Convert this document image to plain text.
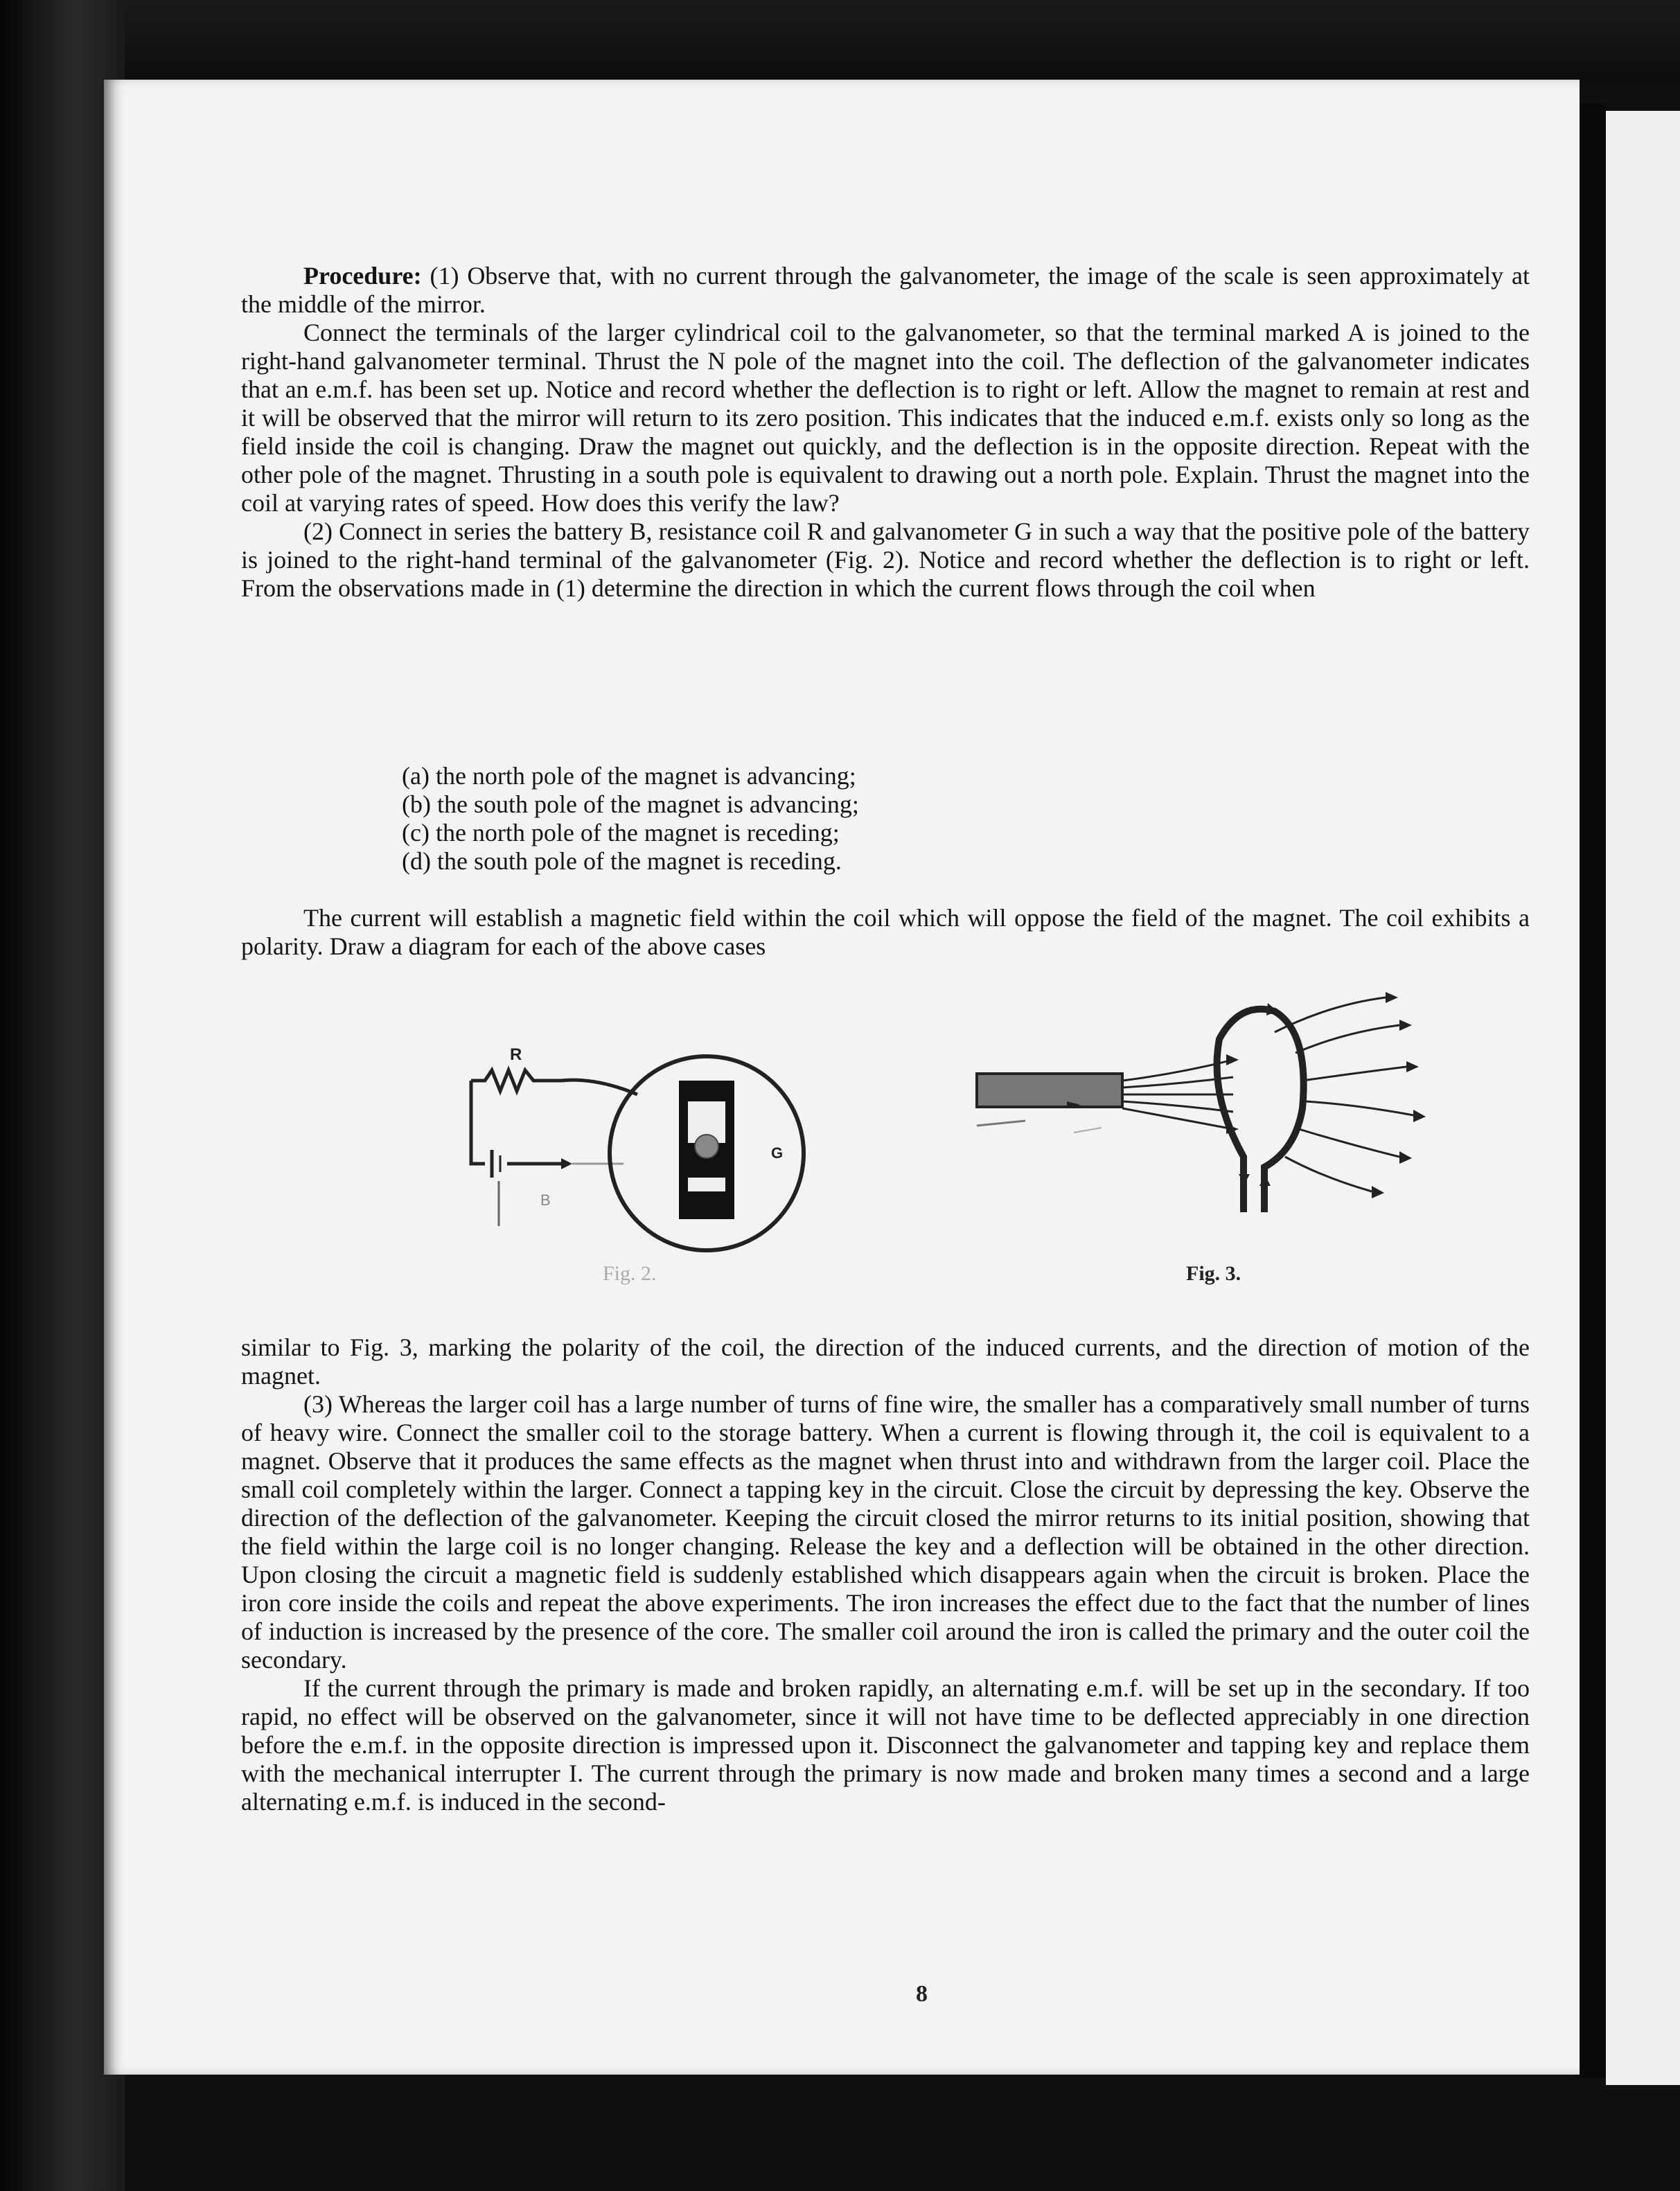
Procedure: (1) Observe that, with no current through the galvanometer, the image of the scale is seen approximately at the middle of the mirror.

Connect the terminals of the larger cylindrical coil to the galvanometer, so that the terminal marked A is joined to the right-hand galvanometer terminal. Thrust the N pole of the magnet into the coil. The deflection of the galvanometer indicates that an e.m.f. has been set up. Notice and record whether the deflection is to right or left. Allow the magnet to remain at rest and it will be observed that the mirror will return to its zero position. This indicates that the induced e.m.f. exists only so long as the field inside the coil is changing. Draw the magnet out quickly, and the deflection is in the opposite direction. Repeat with the other pole of the magnet. Thrusting in a south pole is equivalent to drawing out a north pole. Explain. Thrust the magnet into the coil at varying rates of speed. How does this verify the law?

(2) Connect in series the battery B, resistance coil R and galvanometer G in such a way that the positive pole of the battery is joined to the right-hand terminal of the galvanometer (Fig. 2). Notice and record whether the deflection is to right or left. From the observations made in (1) determine the direction in which the current flows through the coil when

(a) the north pole of the magnet is advancing;
(b) the south pole of the magnet is advancing;
(c) the north pole of the magnet is receding;
(d) the south pole of the magnet is receding.
The current will establish a magnetic field within the coil which will oppose the field of the magnet. The coil exhibits a polarity. Draw a diagram for each of the above cases
R
B
G
Fig. 2.	Fig. 3.

similar to Fig. 3, marking the polarity of the coil, the direction of the induced currents, and the direction of motion of the magnet.

(3) Whereas the larger coil has a large number of turns of fine wire, the smaller has a comparatively small number of turns of heavy wire. Connect the smaller coil to the storage battery. When a current is flowing through it, the coil is equivalent to a magnet. Observe that it produces the same effects as the magnet when thrust into and withdrawn from the larger coil. Place the small coil completely within the larger. Connect a tapping key in the circuit. Close the circuit by depressing the key. Observe the direction of the deflection of the galvanometer. Keeping the circuit closed the mirror returns to its initial position, showing that the field within the large coil is no longer changing. Release the key and a deflection will be obtained in the other direction. Upon closing the circuit a magnetic field is suddenly established which disappears again when the circuit is broken. Place the iron core inside the coils and repeat the above experiments. The iron increases the effect due to the fact that the number of lines of induction is increased by the presence of the core. The smaller coil around the iron is called the primary and the outer coil the secondary.

If the current through the primary is made and broken rapidly, an alternating e.m.f. will be set up in the secondary. If too rapid, no effect will be observed on the galvanometer, since it will not have time to be deflected appreciably in one direction before the e.m.f. in the opposite direction is impressed upon it. Disconnect the galvanometer and tapping key and replace them with the mechanical interrupter I. The current through the primary is now made and broken many times a second and a large alternating e.m.f. is induced in the second-

8
